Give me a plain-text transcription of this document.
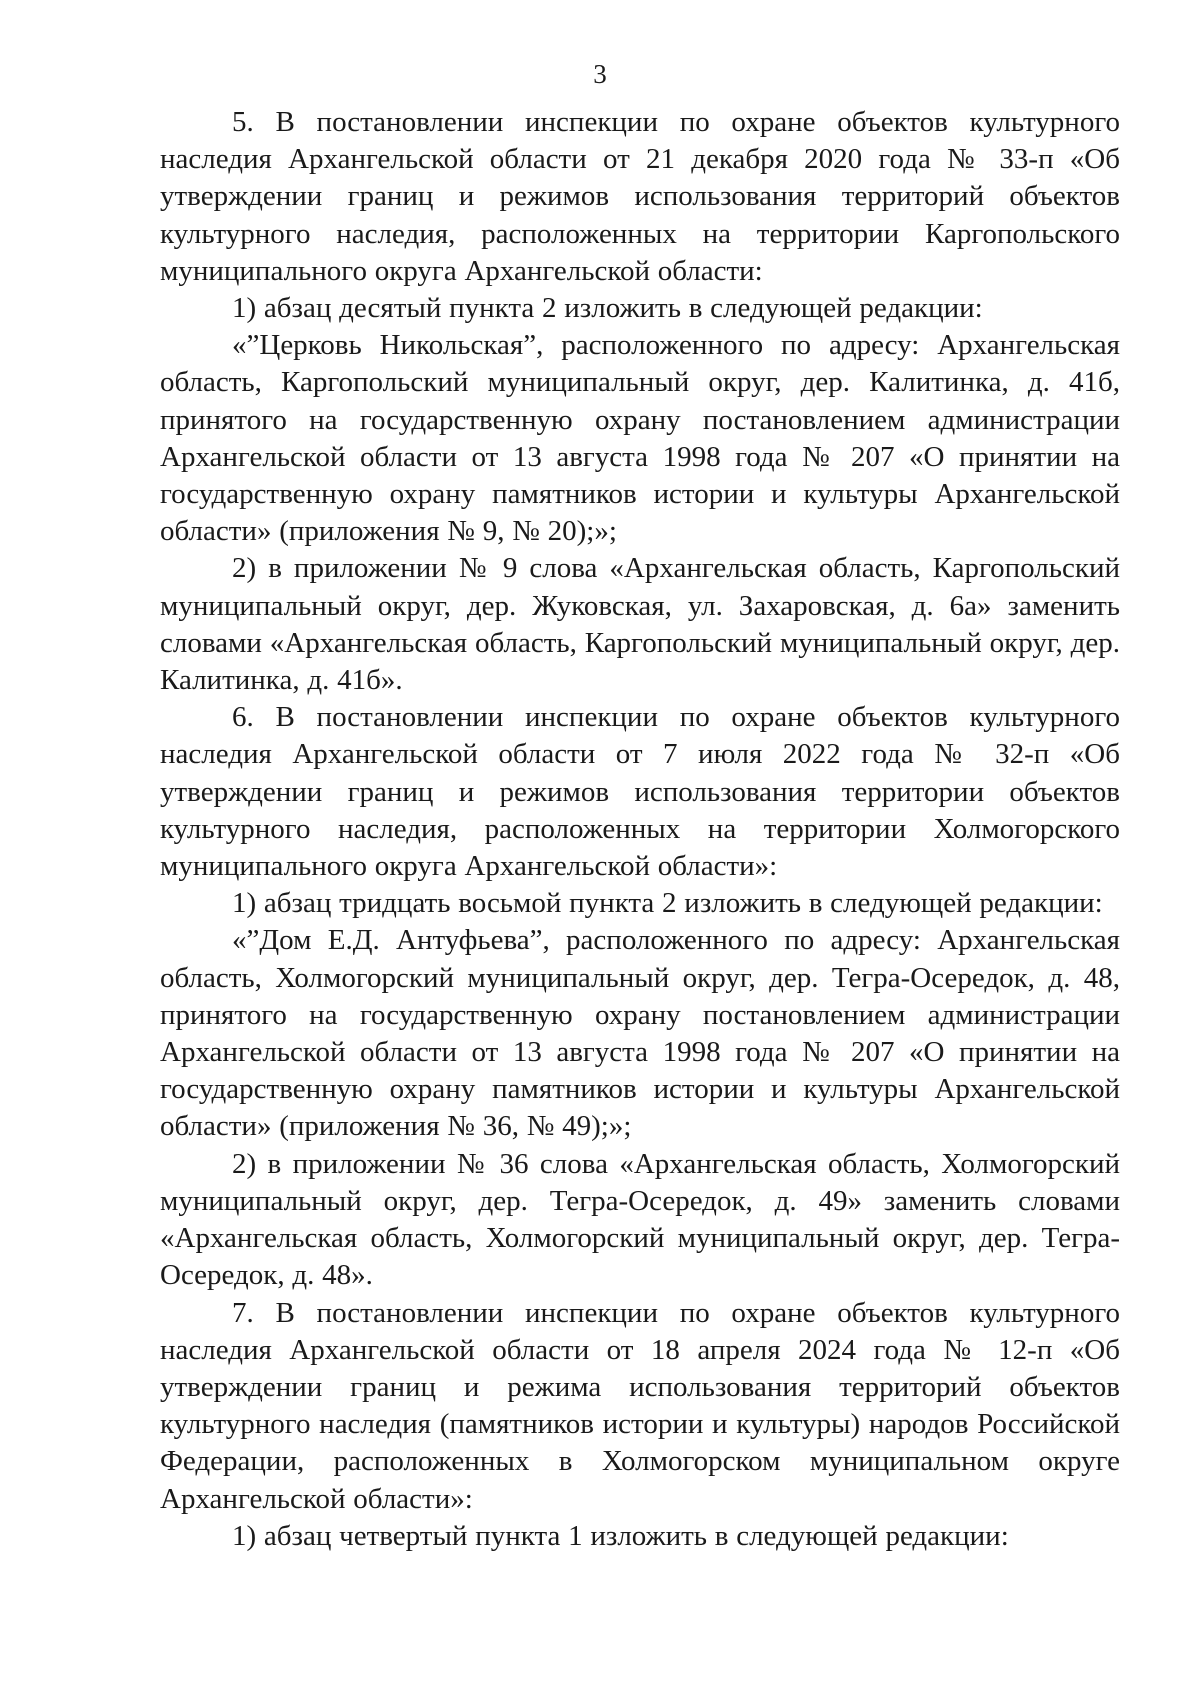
3

5. В постановлении инспекции по охране объектов культурного наследия Архангельской области от 21 декабря 2020 года № 33-п «Об утверждении границ и режимов использования территорий объектов культурного наследия, расположенных на территории Каргопольского муниципального округа Архангельской области:

1) абзац десятый пункта 2 изложить в следующей редакции:

«”Церковь Никольская”, расположенного по адресу: Архангельская область, Каргопольский муниципальный округ, дер. Калитинка, д. 41б, принятого на государственную охрану постановлением администрации Архангельской области от 13 августа 1998 года № 207 «О принятии на государственную охрану памятников истории и культуры Архангельской области» (приложения № 9, № 20);»;

2) в приложении № 9 слова «Архангельская область, Каргопольский муниципальный округ, дер. Жуковская, ул. Захаровская, д. 6а» заменить словами «Архангельская область, Каргопольский муниципальный округ, дер. Калитинка, д. 41б».

6. В постановлении инспекции по охране объектов культурного наследия Архангельской области от 7 июля 2022 года № 32-п «Об утверждении границ и режимов использования территории объектов культурного наследия, расположенных на территории Холмогорского муниципального округа Архангельской области»:

1) абзац тридцать восьмой пункта 2 изложить в следующей редакции:

«”Дом Е.Д. Антуфьева”, расположенного по адресу: Архангельская область, Холмогорский муниципальный округ, дер. Тегра-Осередок, д. 48, принятого на государственную охрану постановлением администрации Архангельской области от 13 августа 1998 года № 207 «О принятии на государственную охрану памятников истории и культуры Архангельской области» (приложения № 36, № 49);»;

2) в приложении № 36 слова «Архангельская область, Холмогорский муниципальный округ, дер. Тегра-Осередок, д. 49» заменить словами «Архангельская область, Холмогорский муниципальный округ, дер. Тегра-Осередок, д. 48».

7. В постановлении инспекции по охране объектов культурного наследия Архангельской области от 18 апреля 2024 года № 12-п «Об утверждении границ и режима использования территорий объектов культурного наследия (памятников истории и культуры) народов Российской Федерации, расположенных в Холмогорском муниципальном округе Архангельской области»:

1) абзац четвертый пункта 1 изложить в следующей редакции:
